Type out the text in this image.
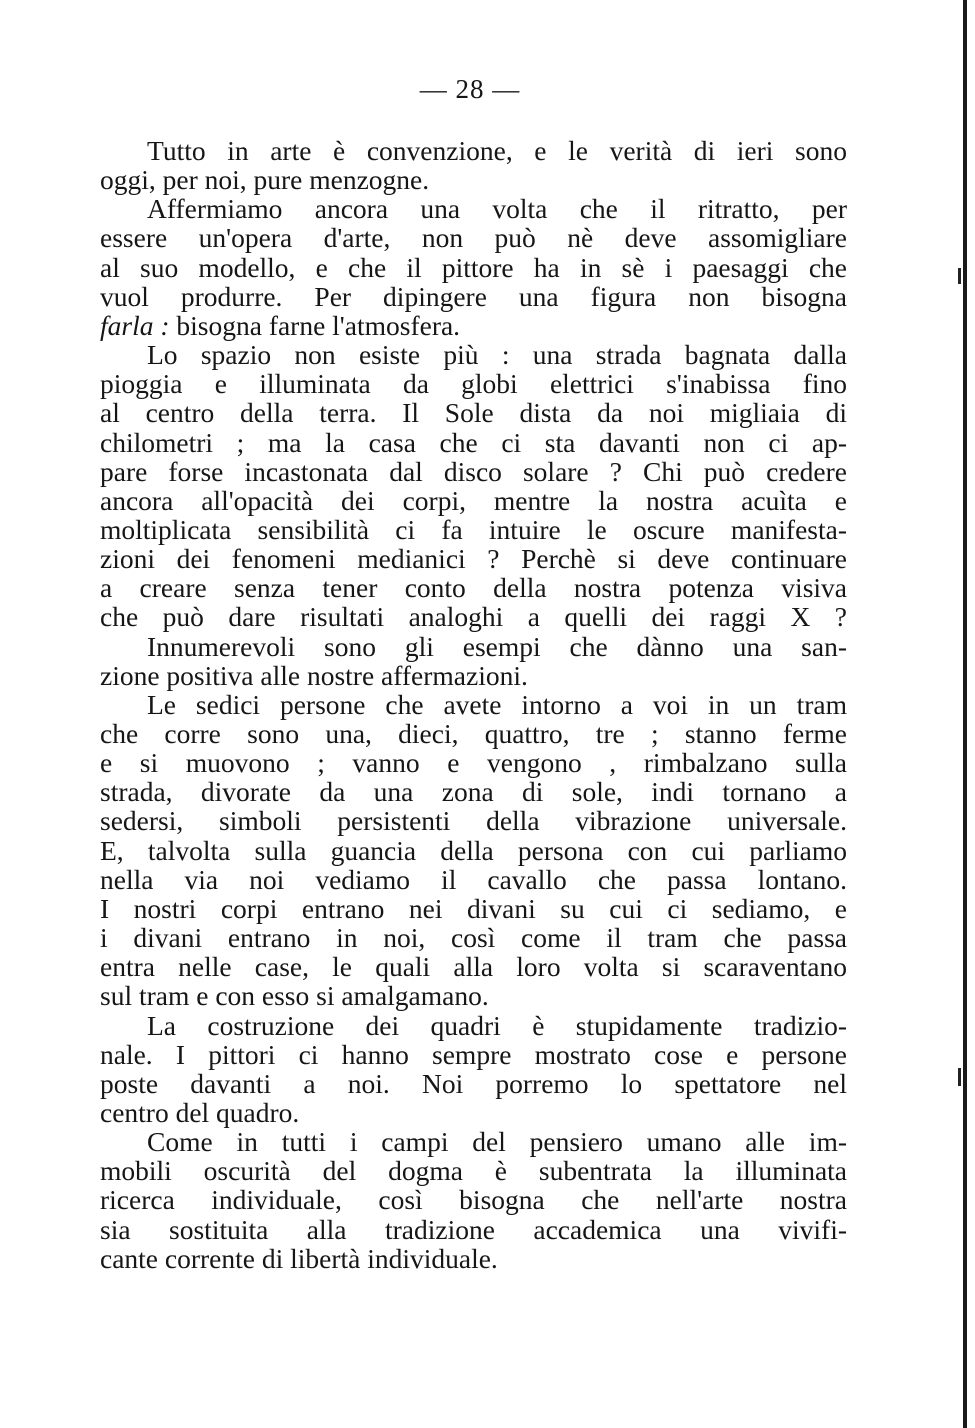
— 28 —
Tutto in arte è convenzione, e le verità di ieri sono
oggi, per noi, pure menzogne.
Affermiamo ancora una volta che il ritratto, per
essere un'opera d'arte, non può nè deve assomigliare
al suo modello, e che il pittore ha in sè i paesaggi che
vuol produrre. Per dipingere una figura non bisogna
farla : bisogna farne l'atmosfera.
Lo spazio non esiste più : una strada bagnata dalla
pioggia e illuminata da globi elettrici s'inabissa fino
al centro della terra. Il Sole dista da noi migliaia di
chilometri ; ma la casa che ci sta davanti non ci ap-
pare forse incastonata dal disco solare ? Chi può credere
ancora all'opacità dei corpi, mentre la nostra acuìta e
moltiplicata sensibilità ci fa intuire le oscure manifesta-
zioni dei fenomeni medianici ? Perchè si deve continuare
a creare senza tener conto della nostra potenza visiva
che può dare risultati analoghi a quelli dei raggi X ?
Innumerevoli sono gli esempi che dànno una san-
zione positiva alle nostre affermazioni.
Le sedici persone che avete intorno a voi in un tram
che corre sono una, dieci, quattro, tre ; stanno ferme
e si muovono ; vanno e vengono , rimbalzano sulla
strada, divorate da una zona di sole, indi tornano a
sedersi, simboli persistenti della vibrazione universale.
E, talvolta sulla guancia della persona con cui parliamo
nella via noi vediamo il cavallo che passa lontano.
I nostri corpi entrano nei divani su cui ci sediamo, e
i divani entrano in noi, così come il tram che passa
entra nelle case, le quali alla loro volta si scaraventano
sul tram e con esso si amalgamano.
La costruzione dei quadri è stupidamente tradizio-
nale. I pittori ci hanno sempre mostrato cose e persone
poste davanti a noi. Noi porremo lo spettatore nel
centro del quadro.
Come in tutti i campi del pensiero umano alle im-
mobili oscurità del dogma è subentrata la illuminata
ricerca individuale, così bisogna che nell'arte nostra
sia sostituita alla tradizione accademica una vivifi-
cante corrente di libertà individuale.
